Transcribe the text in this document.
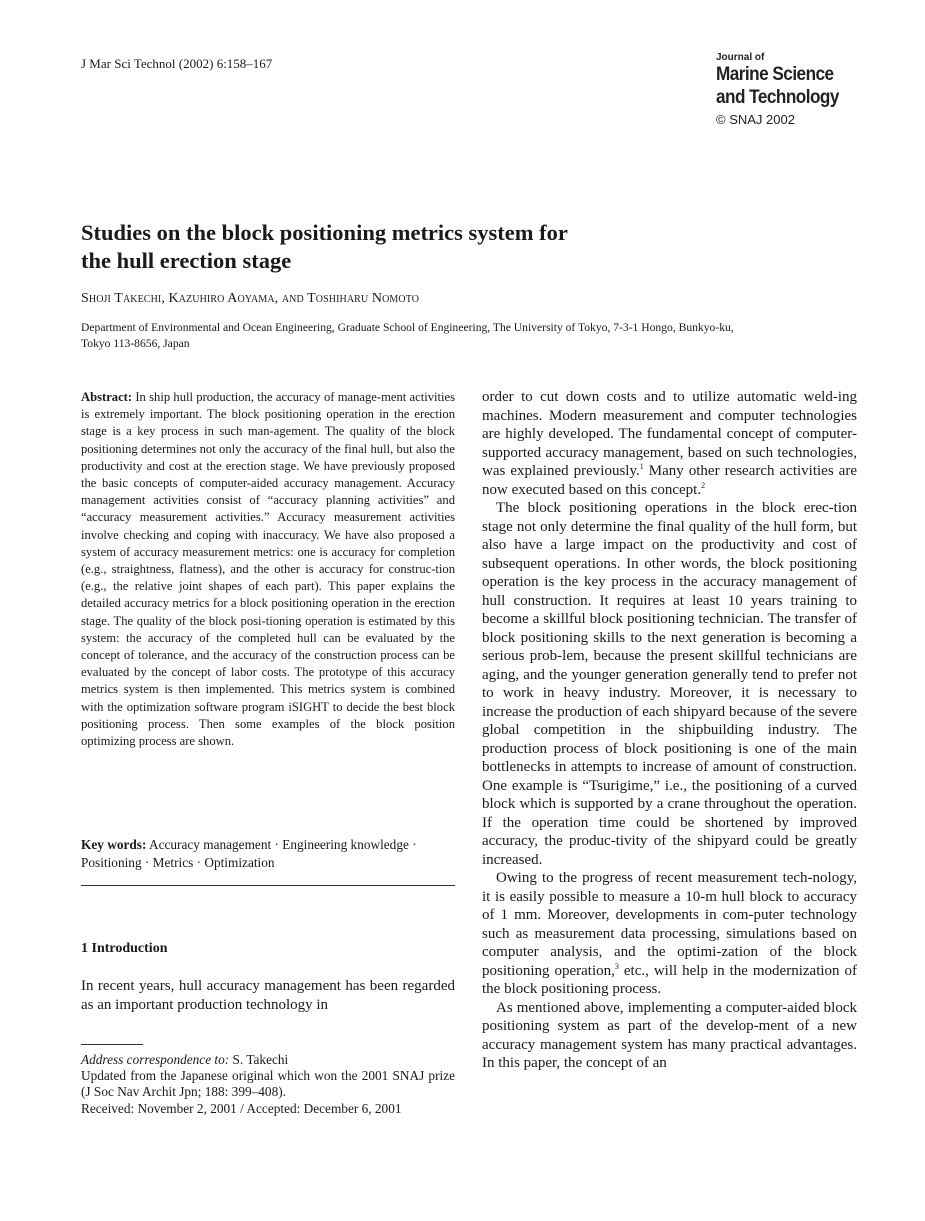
J Mar Sci Technol (2002) 6:158–167	Journal of
Marine Science
and Technology
© SNAJ 2002
Studies on the block positioning metrics system for
the hull erection stage
Shoji Takechi, Kazuhiro Aoyama, and Toshiharu Nomoto
Department of Environmental and Ocean Engineering, Graduate School of Engineering, The University of Tokyo, 7-3-1 Hongo, Bunkyo-ku,
Tokyo 113-8656, Japan
Abstract: In ship hull production, the accuracy of manage-ment activities is extremely important. The block positioning operation in the erection stage is a key process in such man-agement. The quality of the block positioning determines not only the accuracy of the final hull, but also the productivity and cost at the erection stage. We have previously proposed the basic concepts of computer-aided accuracy management. Accuracy management activities consist of “accuracy planning activities” and “accuracy measurement activities.” Accuracy measurement activities involve checking and coping with inaccuracy. We have also proposed a system of accuracy measurement metrics: one is accuracy for completion (e.g., straightness, flatness), and the other is accuracy for construc-tion (e.g., the relative joint shapes of each part). This paper explains the detailed accuracy metrics for a block positioning operation in the erection stage. The quality of the block posi-tioning operation is estimated by this system: the accuracy of the completed hull can be evaluated by the concept of tolerance, and the accuracy of the construction process can be evaluated by the concept of labor costs. The prototype of this accuracy metrics system is then implemented. This metrics system is combined with the optimization software program iSIGHT to decide the best block positioning process. Then some examples of the block position optimizing process are shown.
Key words: Accuracy management · Engineering knowledge · Positioning · Metrics · Optimization
1 Introduction
In recent years, hull accuracy management has been regarded as an important production technology in
Address correspondence to: S. Takechi
Updated from the Japanese original which won the 2001 SNAJ prize (J Soc Nav Archit Jpn; 188: 399–408).
Received: November 2, 2001 / Accepted: December 6, 2001

order to cut down costs and to utilize automatic weld-ing machines. Modern measurement and computer technologies are highly developed. The fundamental concept of computer-supported accuracy management, based on such technologies, was explained previously.$^1$ Many other research activities are now executed based on this concept.$^2$

The block positioning operations in the block erec-tion stage not only determine the final quality of the hull form, but also have a large impact on the productivity and cost of subsequent operations. In other words, the block positioning operation is the key process in the accuracy management of hull construction. It requires at least 10 years training to become a skillful block positioning technician. The transfer of block positioning skills to the next generation is becoming a serious prob-lem, because the present skillful technicians are aging, and the younger generation generally tend to prefer not to work in heavy industry. Moreover, it is necessary to increase the production of each shipyard because of the severe global competition in the shipbuilding industry. The production process of block positioning is one of the main bottlenecks in attempts to increase of amount of construction. One example is “Tsurigime,” i.e., the positioning of a curved block which is supported by a crane throughout the operation. If the operation time could be shortened by improved accuracy, the produc-tivity of the shipyard could be greatly increased.

Owing to the progress of recent measurement tech-nology, it is easily possible to measure a 10-m hull block to accuracy of 1 mm. Moreover, developments in com-puter technology such as measurement data processing, simulations based on computer analysis, and the optimi-zation of the block positioning operation,$^3$ etc., will help in the modernization of the block positioning process.

As mentioned above, implementing a computer-aided block positioning system as part of the develop-ment of a new accuracy management system has many practical advantages. In this paper, the concept of an
